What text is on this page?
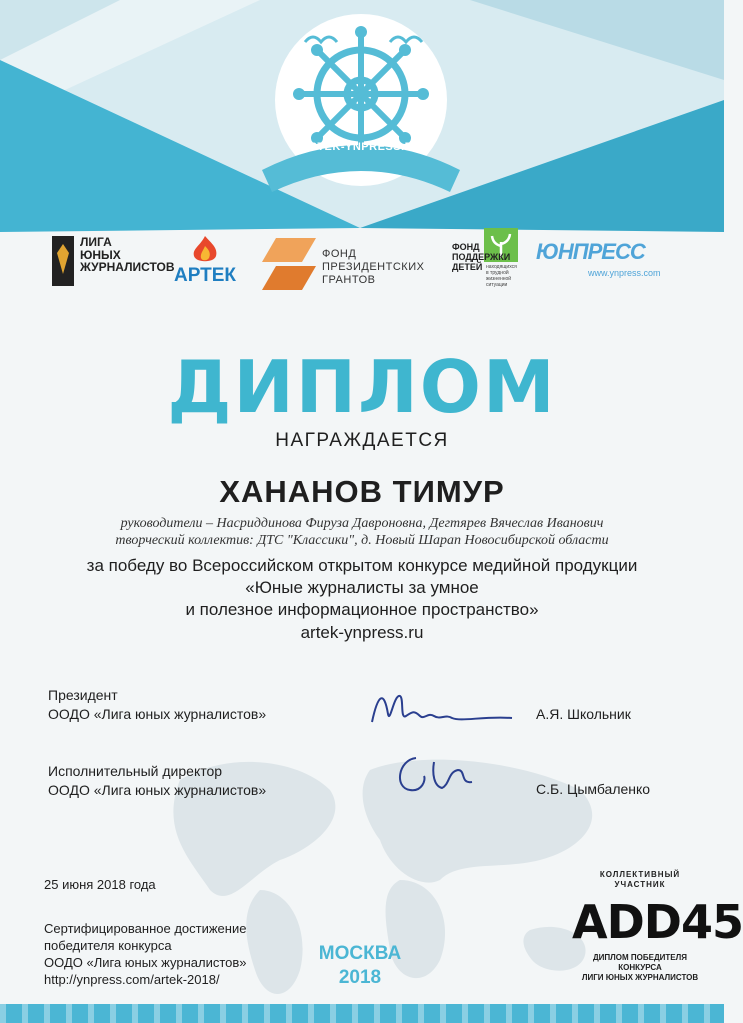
ARTEK-YNPRESS.RU
ЛИГА
ЮНЫХ
ЖУРНАЛИСТОВ АРТЕК
ФОНД
ПРЕЗИДЕНТСКИХ
ГРАНТОВ
ФОНД
ПОДДЕРЖКИ
ДЕТЕЙ находящихся
в трудной
жизненной
ситуации
ЮНПРЕСС
www.ynpress.com
ДИПЛОМ
НАГРАЖДАЕТСЯ
ХАНАНОВ ТИМУР
руководители – Насриддинова Фируза Давроновна, Дегтярев Вячеслав Иванович
творческий коллектив: ДТС "Классики", д. Новый Шарап Новосибирской области
за победу во Всероссийском открытом конкурсе медийной продукции
«Юные журналисты за умное
и полезное информационное пространство»
artek-ynpress.ru
Президент
ООДО «Лига юных журналистов»	А.Я. Школьник
Исполнительный директор
ООДО «Лига юных журналистов»	С.Б. Цымбаленко
25 июня 2018 года
Сертифицированное достижение
победителя конкурса
ООДО «Лига юных журналистов»
http://ynpress.com/artek-2018/
МОСКВА
2018
КОЛЛЕКТИВНЫЙ
УЧАСТНИК
ADD45
ДИПЛОМ ПОБЕДИТЕЛЯ
КОНКУРСА
ЛИГИ ЮНЫХ ЖУРНАЛИСТОВ
